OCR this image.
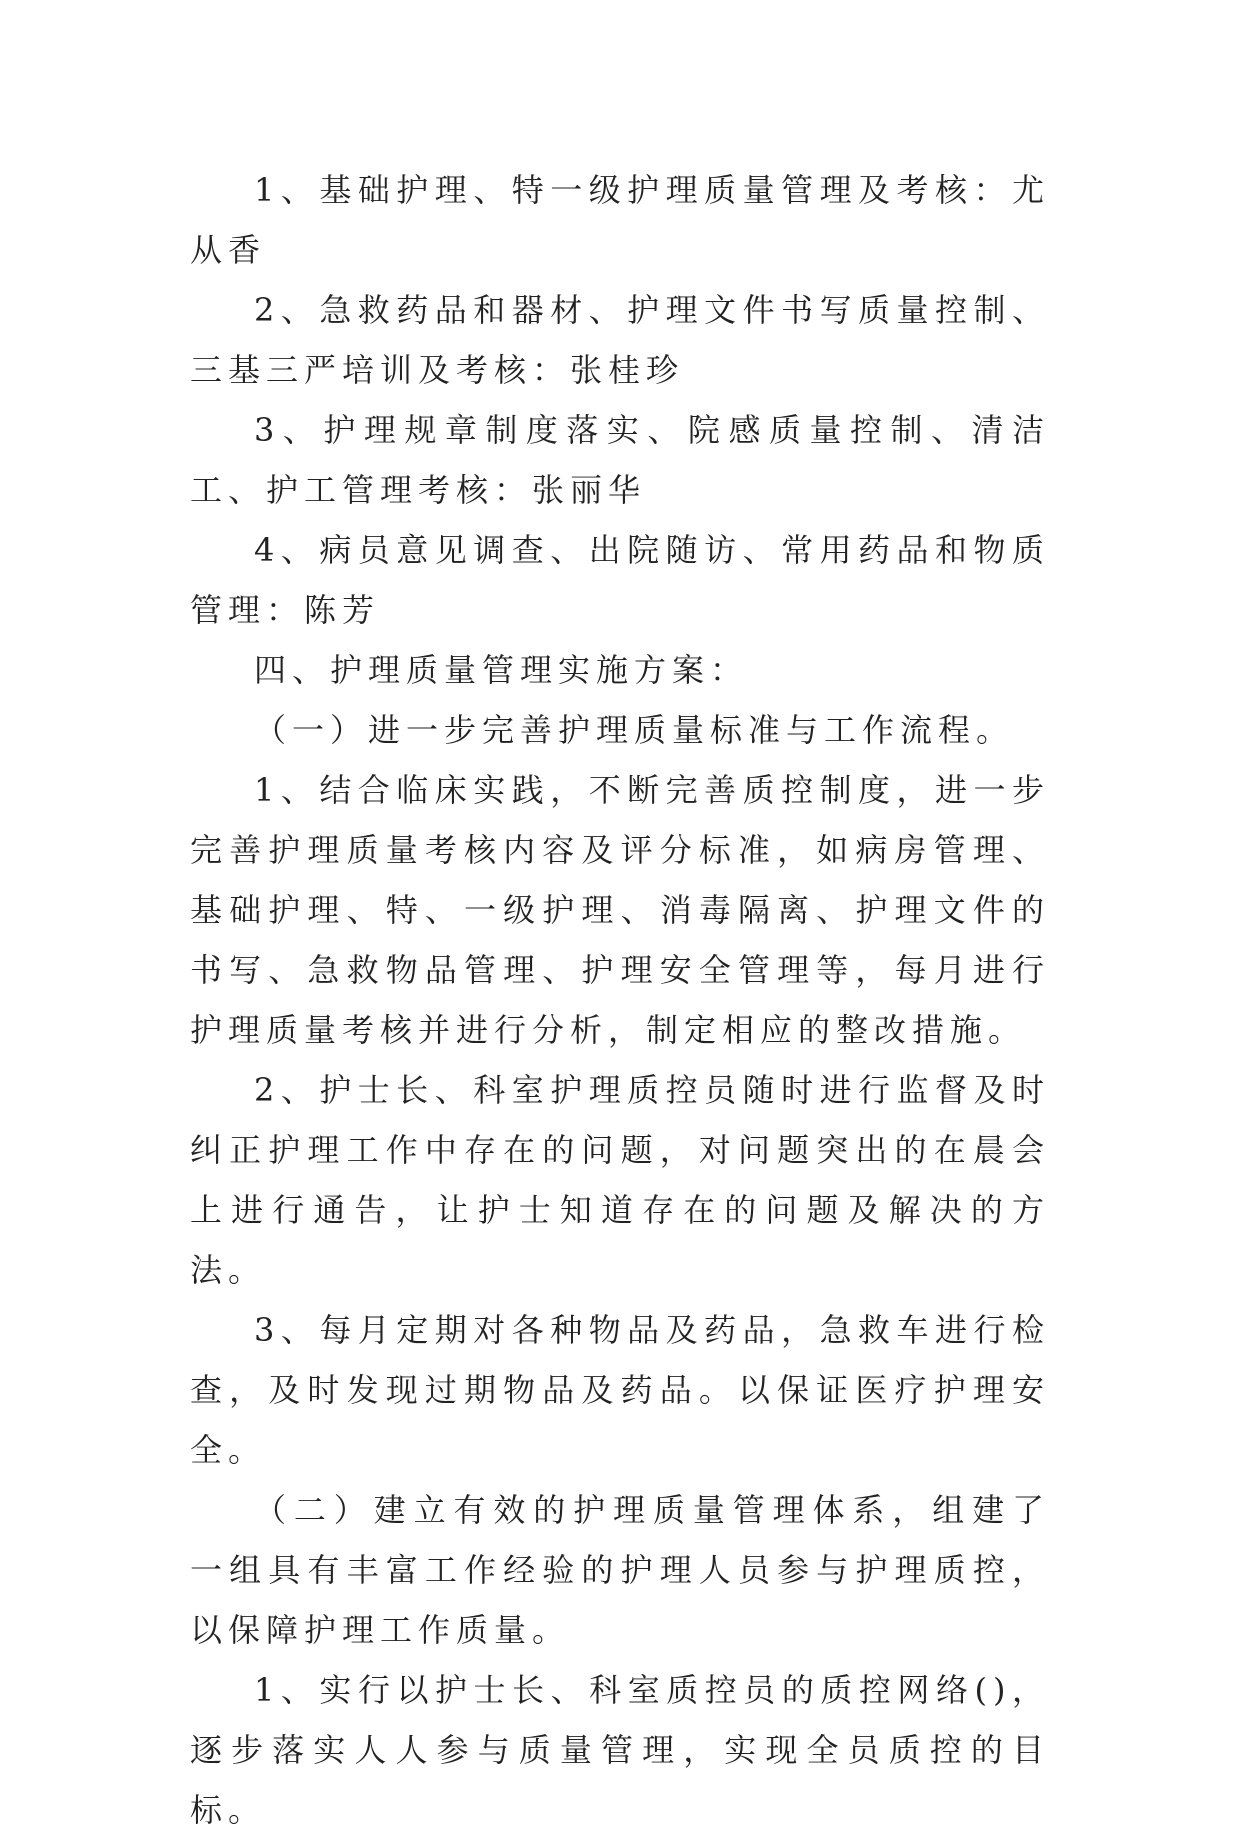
1、基础护理、特一级护理质量管理及考核：尤从香

2、急救药品和器材、护理文件书写质量控制、三基三严培训及考核：张桂珍

3、护理规章制度落实、院感质量控制、清洁工、护工管理考核：张丽华

4、病员意见调查、出院随访、常用药品和物质管理：陈芳

四、护理质量管理实施方案：

（一）进一步完善护理质量标准与工作流程。

1、结合临床实践，不断完善质控制度，进一步完善护理质量考核内容及评分标准，如病房管理、基础护理、特、一级护理、消毒隔离、护理文件的书写、急救物品管理、护理安全管理等，每月进行护理质量考核并进行分析，制定相应的整改措施。

2、护士长、科室护理质控员随时进行监督及时纠正护理工作中存在的问题，对问题突出的在晨会上进行通告，让护士知道存在的问题及解决的方法。

3、每月定期对各种物品及药品，急救车进行检查，及时发现过期物品及药品。以保证医疗护理安全。

（二）建立有效的护理质量管理体系，组建了一组具有丰富工作经验的护理人员参与护理质控，以保障护理工作质量。

1、实行以护士长、科室质控员的质控网络()，逐步落实人人参与质量管理，实现全员质控的目标。
